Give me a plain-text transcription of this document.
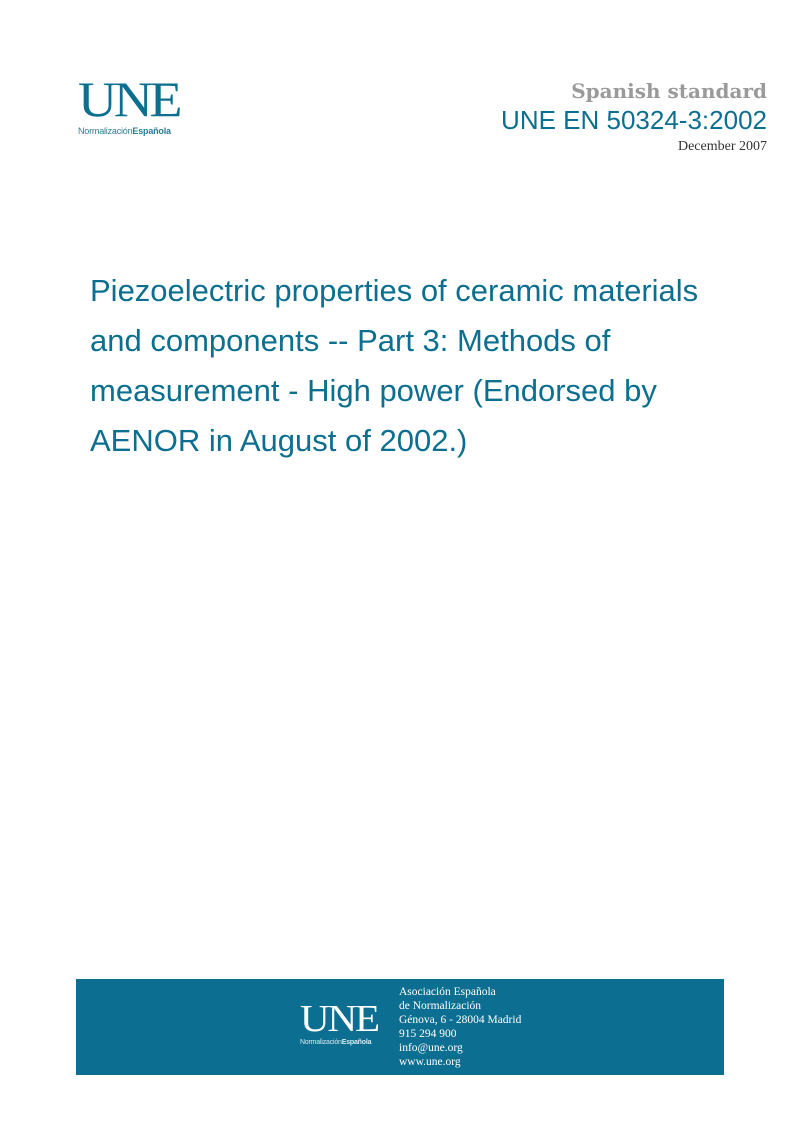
UNE
NormalizaciónEspañola
Spanish standard
UNE EN 50324-3:2002
December 2007
Piezoelectric properties of ceramic materials and components -- Part 3: Methods of measurement - High power (Endorsed by AENOR in August of 2002.)
UNE
NormalizaciónEspañola
Asociación Española
de Normalización
Génova, 6 - 28004 Madrid
915 294 900
info@une.org
www.une.org
